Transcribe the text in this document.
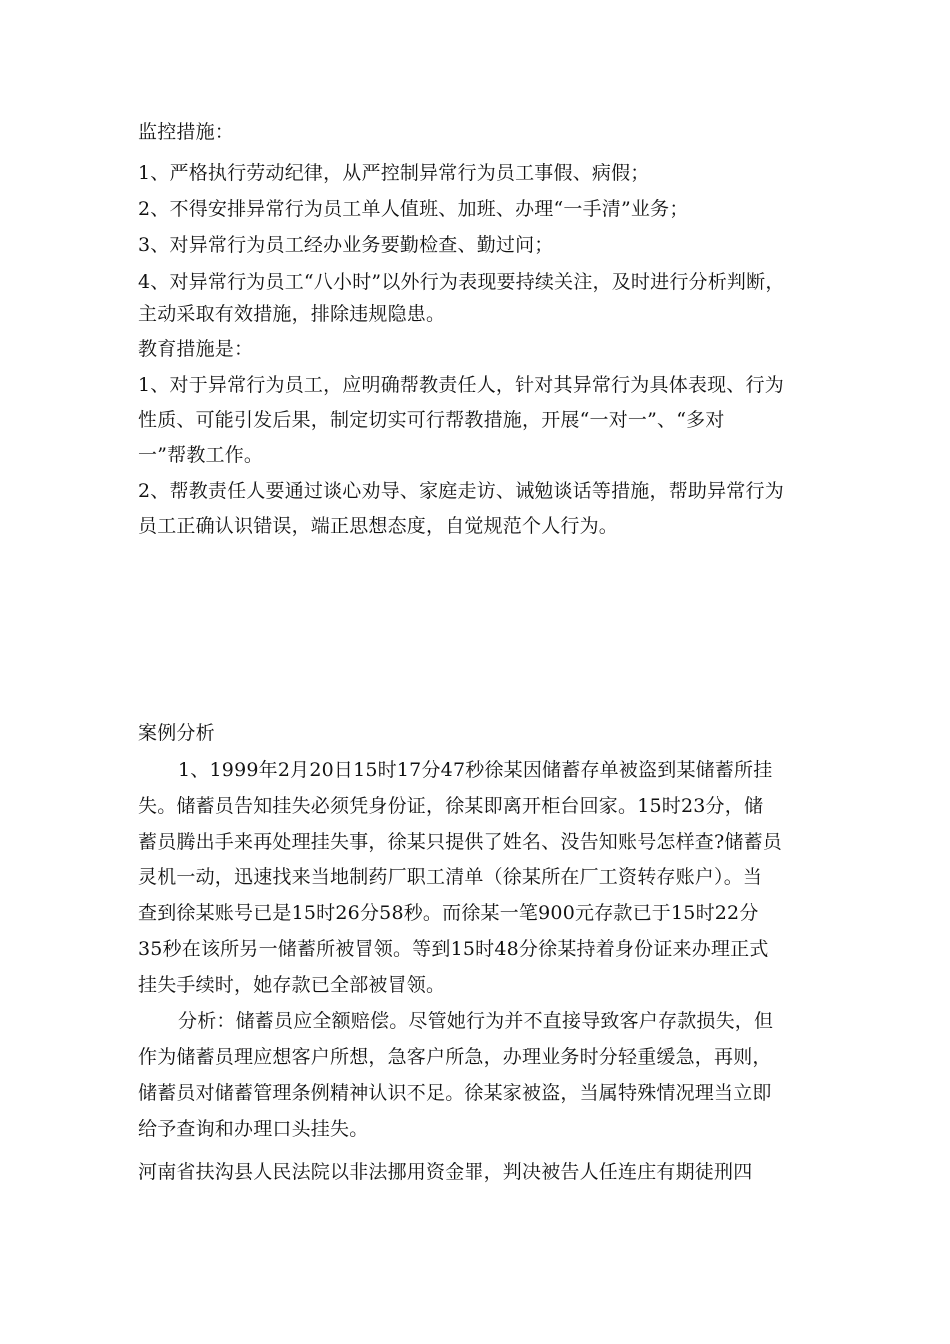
监控措施：
1、严格执行劳动纪律，从严控制异常行为员工事假、病假；
2、不得安排异常行为员工单人值班、加班、办理“一手清”业务；
3、对异常行为员工经办业务要勤检查、勤过问；
4、对异常行为员工“八小时”以外行为表现要持续关注，及时进行分析判断，
主动采取有效措施，排除违规隐患。
教育措施是：
1、对于异常行为员工，应明确帮教责任人，针对其异常行为具体表现、行为
性质、可能引发后果，制定切实可行帮教措施，开展“一对一”、“多对
一”帮教工作。
2、帮教责任人要通过谈心劝导、家庭走访、诫勉谈话等措施，帮助异常行为
员工正确认识错误，端正思想态度，自觉规范个人行为。
案例分析
1、1999年2月20日15时17分47秒徐某因储蓄存单被盗到某储蓄所挂
失。储蓄员告知挂失必须凭身份证，徐某即离开柜台回家。15时23分，储
蓄员腾出手来再处理挂失事，徐某只提供了姓名、没告知账号怎样查?储蓄员
灵机一动，迅速找来当地制药厂职工清单（徐某所在厂工资转存账户）。当
查到徐某账号已是15时26分58秒。而徐某一笔900元存款已于15时22分
35秒在该所另一储蓄所被冒领。等到15时48分徐某持着身份证来办理正式
挂失手续时，她存款已全部被冒领。
分析：储蓄员应全额赔偿。尽管她行为并不直接导致客户存款损失，但
作为储蓄员理应想客户所想，急客户所急，办理业务时分轻重缓急，再则，
储蓄员对储蓄管理条例精神认识不足。徐某家被盗，当属特殊情况理当立即
给予查询和办理口头挂失。
河南省扶沟县人民法院以非法挪用资金罪，判决被告人任连庄有期徒刑四
